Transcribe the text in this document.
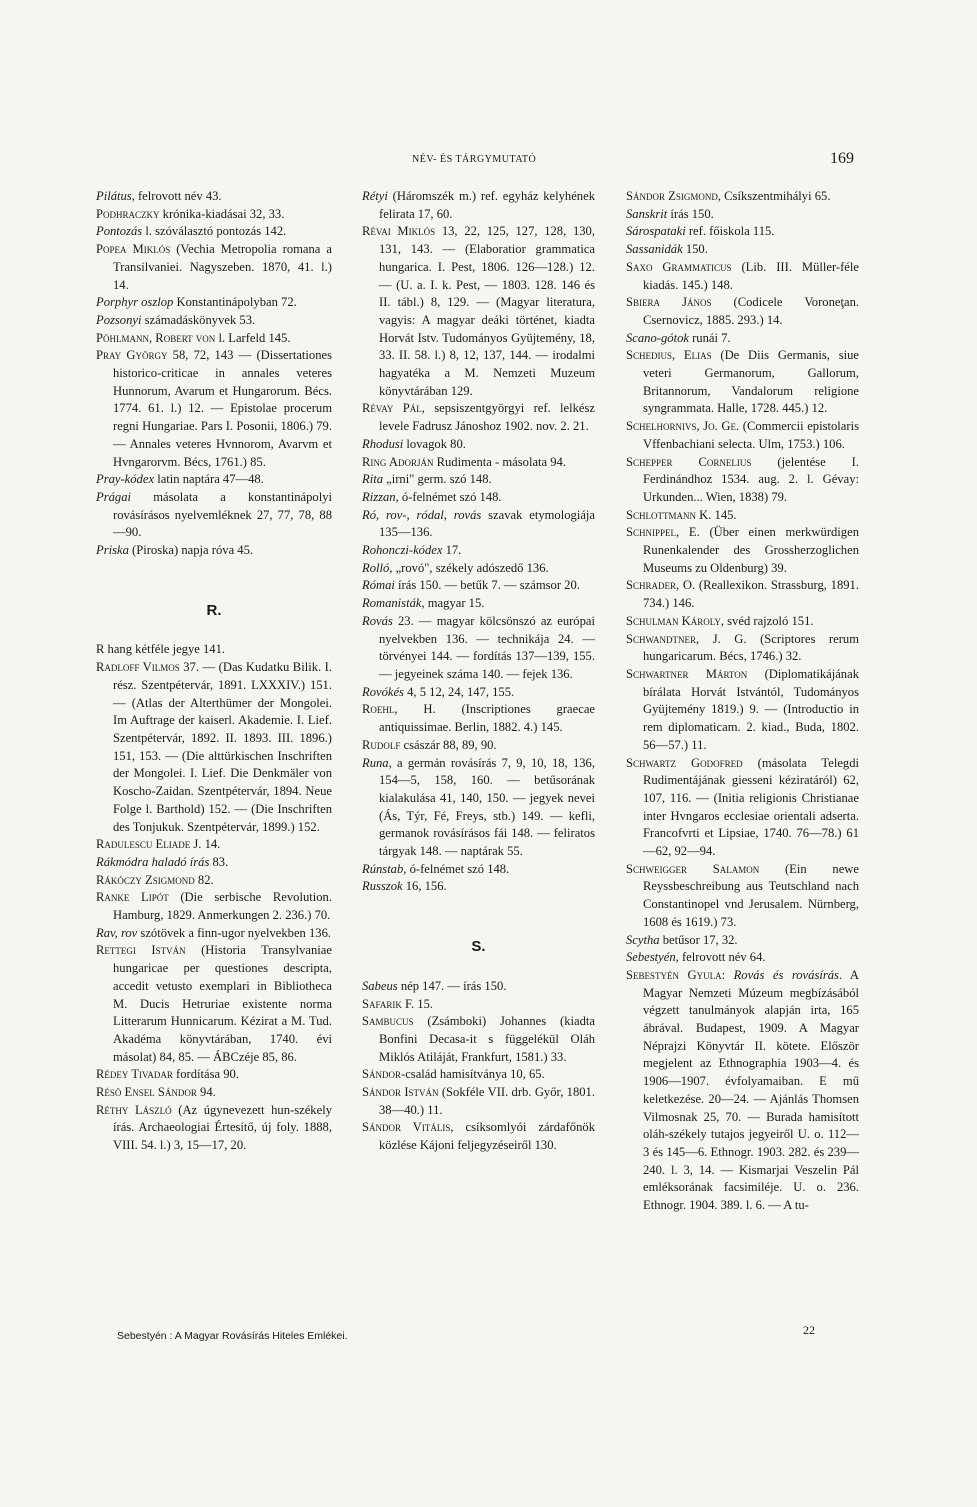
NÉV- ÉS TÁRGYMUTATÓ	169

Pilátus, felrovott név 43.

Podhraczky krónika-kiadásai 32, 33.

Pontozás l. szóválasztó pontozás 142.

Popea Miklós (Vechia Metropolia romana a Transilvaniei. Nagyszeben. 1870, 41. l.) 14.

Porphyr oszlop Konstantinápolyban 72.

Pozsonyi számadáskönyvek 53.

Pöhlmann, Robert von l. Larfeld 145.

Pray György 58, 72, 143 — (Dissertationes historico-criticae in annales veteres Hunnorum, Avarum et Hungarorum. Bécs. 1774. 61. l.) 12. — Epistolae procerum regni Hungariae. Pars I. Posonii, 1806.) 79. — Annales veteres Hvnnorom, Avarvm et Hvngarorvm. Bécs, 1761.) 85.

Pray-kódex latin naptára 47—48.

Prágai másolata a konstantinápolyi rovásírásos nyelvemléknek 27, 77, 78, 88—90.

Priska (Piroska) napja róva 45.

R.

R hang kétféle jegye 141.

Radloff Vilmos 37. — (Das Kudatku Bilik. I. rész. Szentpétervár, 1891. LXXXIV.) 151. — (Atlas der Alterthümer der Mongolei. Im Auftrage der kaiserl. Akademie. I. Lief. Szentpétervár, 1892. II. 1893. III. 1896.) 151, 153. — (Die alttürkischen Inschriften der Mongolei. I. Lief. Die Denkmäler von Koscho-Zaidan. Szentpétervár, 1894. Neue Folge l. Barthold) 152. — (Die Inschriften des Tonjukuk. Szentpétervár, 1899.) 152.

Radulescu Eliade J. 14.

Rákmódra haladó írás 83.

Rákóczy Zsigmond 82.

Ranke Lipót (Die serbische Revolution. Hamburg, 1829. Anmerkungen 2. 236.) 70.

Rav, rov szótövek a finn-ugor nyelvekben 136.

Rettegi István (Historia Transylvaniae hungaricae per questiones descripta, accedit vetusto exemplari in Bibliotheca M. Ducis Hetruriae existente norma Litterarum Hunnicarum. Kézirat a M. Tud. Akadéma könyvtárában, 1740. évi másolat) 84, 85. — ÁBCzéje 85, 86.

Rédey Tivadar fordítása 90.

Résö Ensel Sándor 94.

Réthy László (Az úgynevezett hun-székely írás. Archaeologiai Értesítő, új foly. 1888, VIII. 54. l.) 3, 15—17, 20.

Rétyi (Háromszék m.) ref. egyház kelyhének felirata 17, 60.

Révai Miklós 13, 22, 125, 127, 128, 130, 131, 143. — (Elaboratior grammatica hungarica. I. Pest, 1806. 126—128.) 12. — (U. a. I. k. Pest, — 1803. 128. 146 és II. tábl.) 8, 129. — (Magyar literatura, vagyis: A magyar deáki történet, kiadta Horvát Istv. Tudományos Gyüjtemény, 18, 33. II. 58. l.) 8, 12, 137, 144. — irodalmi hagyatéka a M. Nemzeti Muzeum könyvtárában 129.

Révay Pál, sepsiszentgyörgyi ref. lelkész levele Fadrusz Jánoshoz 1902. nov. 2. 21.

Rhodusi lovagok 80.

Ring Adorján Rudimenta - másolata 94.

Rita „irni" germ. szó 148.

Rizzan, ó-felnémet szó 148.

Ró, rov-, ródal, rovás szavak etymologiája 135—136.

Rohonczi-kódex 17.

Rolló, „rovó", székely adószedő 136.

Római írás 150. — betűk 7. — számsor 20.

Romanisták, magyar 15.

Rovás 23. — magyar kölcsönszó az európai nyelvekben 136. — technikája 24. — törvényei 144. — fordítás 137—139, 155. — jegyeinek száma 140. — fejek 136.

Rovókés 4, 5 12, 24, 147, 155.

Roehl, H. (Inscriptiones graecae antiquissimae. Berlin, 1882. 4.) 145.

Rudolf császár 88, 89, 90.

Runa, a germán rovásírás 7, 9, 10, 18, 136, 154—5, 158, 160. — betűsorának kialakulása 41, 140, 150. — jegyek nevei (Ás, Týr, Fé, Freys, stb.) 149. — kefli, germanok rovásírásos fái 148. — feliratos tárgyak 148. — naptárak 55.

Rúnstab, ó-felnémet szó 148.

Russzok 16, 156.

S.

Sabeus nép 147. — írás 150.

Safarik F. 15.

Sambucus (Zsámboki) Johannes (kiadta Bonfini Decasa-it s függelékül Oláh Miklós Atiláját, Frankfurt, 1581.) 33.

Sándor-család hamisítványa 10, 65.

Sándor István (Sokféle VII. drb. Győr, 1801. 38—40.) 11.

Sándor Vitális, csíksomlyói zárdafőnök közlése Kájoni feljegyzéseiről 130.

Sándor Zsigmond, Csíkszentmihályi 65.

Sanskrit írás 150.

Sárospataki ref. főiskola 115.

Sassanidák 150.

Saxo Grammaticus (Lib. III. Müller-féle kiadás. 145.) 148.

Sbiera János (Codicele Voroneţan. Csernovicz, 1885. 293.) 14.

Scano-gótok runái 7.

Schedius, Elias (De Diis Germanis, siue veteri Germanorum, Gallorum, Britannorum, Vandalorum religione syngrammata. Halle, 1728. 445.) 12.

Schelhornivs, Jo. Ge. (Commercii epistolaris Vffenbachiani selecta. Ulm, 1753.) 106.

Schepper Cornelius (jelentése I. Ferdinándhoz 1534. aug. 2. l. Gévay: Urkunden... Wien, 1838) 79.

Schlottmann K. 145.

Schnippel, E. (Über einen merkwürdigen Runenkalender des Grossherzoglichen Museums zu Oldenburg) 39.

Schrader, O. (Reallexikon. Strassburg, 1891. 734.) 146.

Schulman Károly, svéd rajzoló 151.

Schwandtner, J. G. (Scriptores rerum hungaricarum. Bécs, 1746.) 32.

Schwartner Márton (Diplomatikájának bírálata Horvát Istvántól, Tudományos Gyüjtemény 1819.) 9. — (Introductio in rem diplomaticam. 2. kiad., Buda, 1802. 56—57.) 11.

Schwartz Godofred (másolata Telegdi Rudimentájának giesseni kéziratáról) 62, 107, 116. — (Initia religionis Christianae inter Hvngaros ecclesiae orientali adserta. Francofvrti et Lipsiae, 1740. 76—78.) 61—62, 92—94.

Schweigger Salamon (Ein newe Reyssbeschreibung aus Teutschland nach Constantinopel vnd Jerusalem. Nürnberg, 1608 és 1619.) 73.

Scytha betűsor 17, 32.

Sebestyén, felrovott név 64.

Sebestyén Gyula: Rovás és rovásírás. A Magyar Nemzeti Múzeum megbízásából végzett tanulmányok alapján irta, 165 ábrával. Budapest, 1909. A Magyar Néprajzi Könyvtár II. kötete. Először megjelent az Ethnographia 1903—4. és 1906—1907. évfolyamaiban. E mű keletkezése. 20—24. — Ajánlás Thomsen Vilmosnak 25, 70. — Burada hamisított oláh-székely tutajos jegyeiről U. o. 112—3 és 145—6. Ethnogr. 1903. 282. és 239—240. l. 3, 14. — Kismarjai Veszelin Pál emléksorának facsimiléje. U. o. 236. Ethnogr. 1904. 389. l. 6. — A tu-

Sebestyén : A Magyar Rovásírás Hiteles Emlékei.	22
